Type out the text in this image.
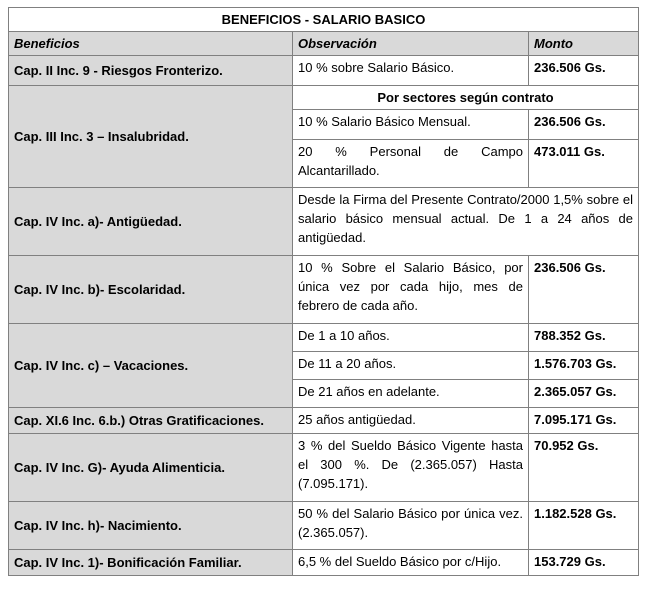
BENEFICIOS - SALARIO BASICO		
Beneficios	Observación	Monto
Cap. II Inc. 9 - Riesgos Fronterizo.	10 % sobre Salario Básico.	236.506 Gs.
Cap. III Inc. 3 – Insalubridad.	Por sectores según contrato	
	10 % Salario Básico Mensual.	236.506 Gs.
	20 % Personal de Campo Alcantarillado.	473.011 Gs.
Cap. IV Inc. a)- Antigüedad.	Desde la Firma del Presente Contrato/2000 1,5% sobre el salario básico mensual actual. De 1 a 24 años de antigüedad.	
Cap. IV Inc. b)- Escolaridad.	10 % Sobre el Salario Básico, por única vez por cada hijo, mes de febrero de cada año.	236.506 Gs.
Cap. IV Inc. c) – Vacaciones.	De 1 a 10 años.	788.352 Gs.
	De 11 a 20 años.	1.576.703 Gs.
	De 21 años en adelante.	2.365.057 Gs.
Cap. XI.6 Inc. 6.b.) Otras Gratificaciones.	25 años antigüedad.	7.095.171 Gs.
Cap. IV Inc. G)- Ayuda Alimenticia.	3 % del Sueldo Básico Vigente hasta el 300 %. De (2.365.057) Hasta (7.095.171).	70.952 Gs.
Cap. IV Inc. h)- Nacimiento.	50 % del Salario Básico por única vez. (2.365.057).	1.182.528 Gs.
Cap. IV Inc. 1)- Bonificación Familiar.	6,5 % del Sueldo Básico por c/Hijo.	153.729 Gs.
